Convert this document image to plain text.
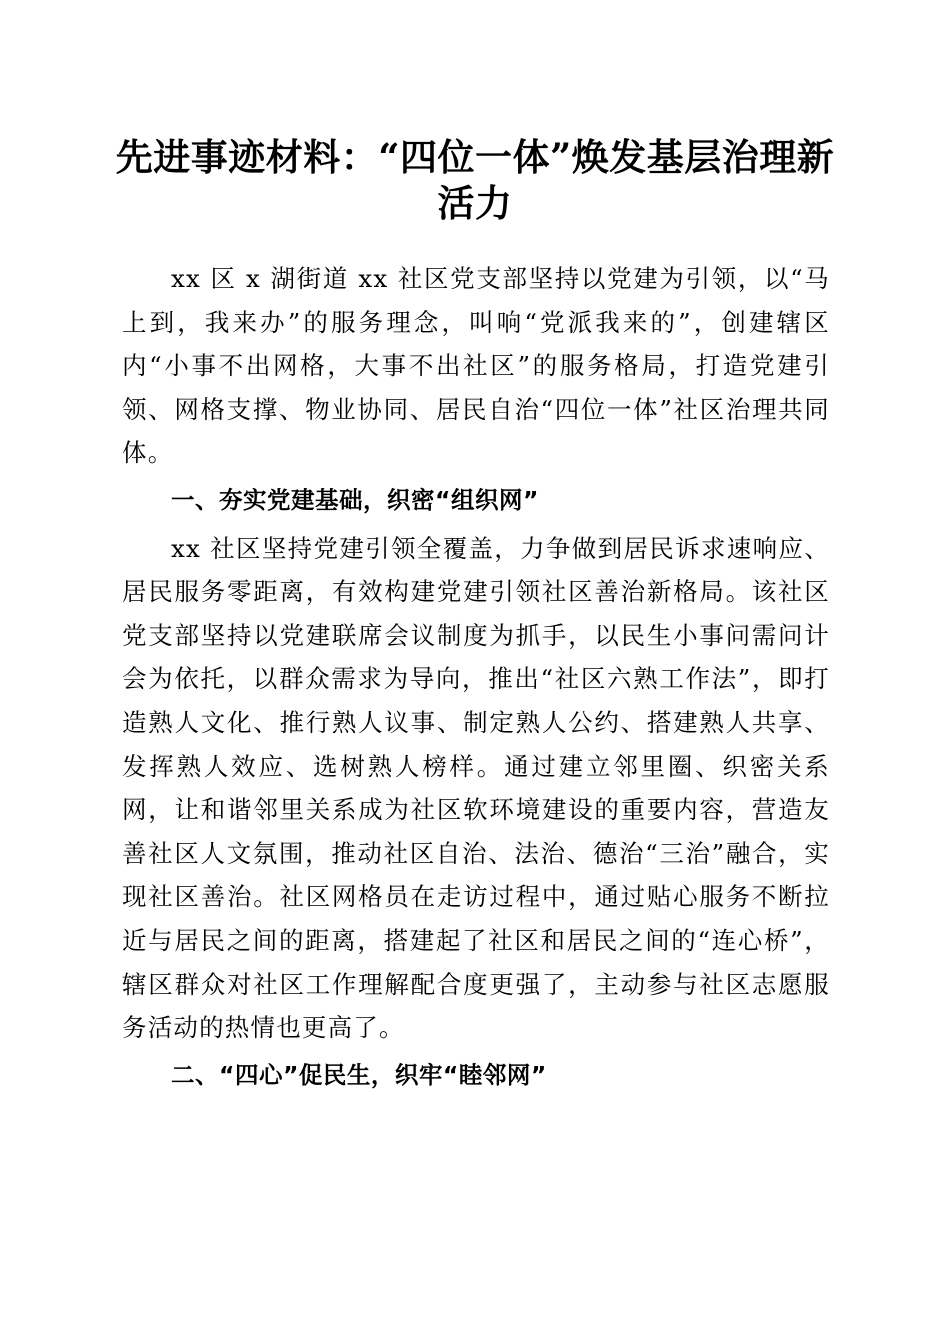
先进事迹材料：“四位一体”焕发基层治理新
活力

xx 区 x 湖街道 xx 社区党支部坚持以党建为引领，以“马上到，我来办”的服务理念，叫响“党派我来的”，创建辖区内“小事不出网格，大事不出社区”的服务格局，打造党建引领、网格支撑、物业协同、居民自治“四位一体”社区治理共同体。

一、夯实党建基础，织密“组织网”

xx 社区坚持党建引领全覆盖，力争做到居民诉求速响应、居民服务零距离，有效构建党建引领社区善治新格局。该社区党支部坚持以党建联席会议制度为抓手，以民生小事问需问计会为依托，以群众需求为导向，推出“社区六熟工作法”，即打造熟人文化、推行熟人议事、制定熟人公约、搭建熟人共享、发挥熟人效应、选树熟人榜样。通过建立邻里圈、织密关系网，让和谐邻里关系成为社区软环境建设的重要内容，营造友善社区人文氛围，推动社区自治、法治、德治“三治”融合，实现社区善治。社区网格员在走访过程中，通过贴心服务不断拉近与居民之间的距离，搭建起了社区和居民之间的“连心桥”，辖区群众对社区工作理解配合度更强了，主动参与社区志愿服务活动的热情也更高了。

二、“四心”促民生，织牢“睦邻网”
